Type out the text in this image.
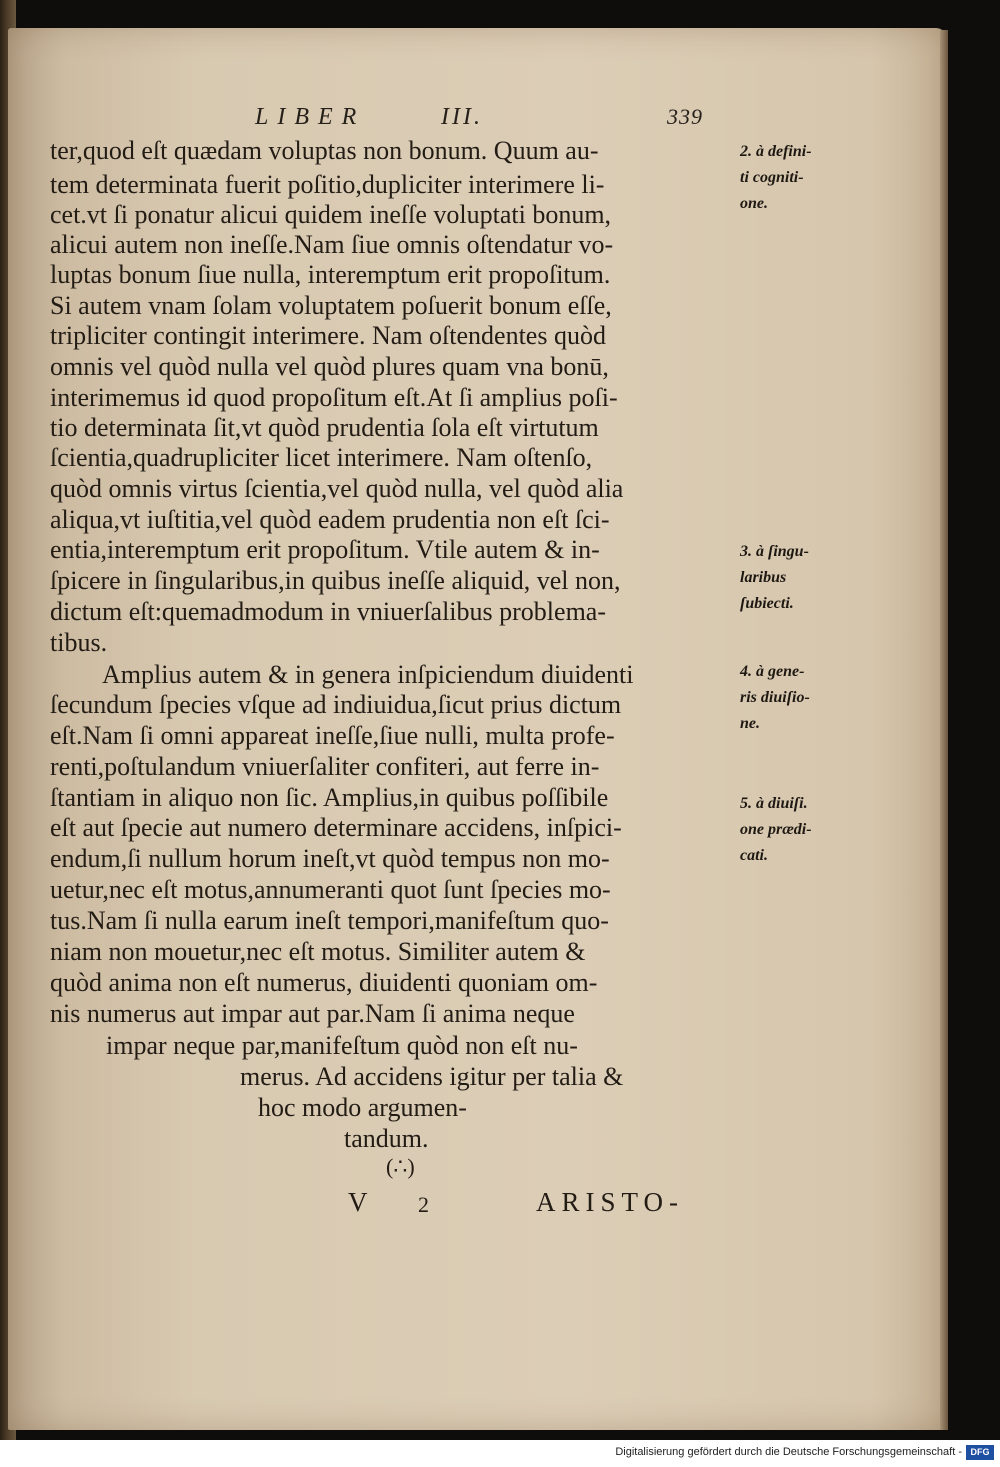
LIBER	III.	339
ter,quod eſt quædam voluptas non bonum. Quum au-
tem determinata fuerit poſitio,dupliciter interimere li-
cet.vt ſi ponatur alicui quidem ineſſe voluptati bonum,
alicui autem non ineſſe.Nam ſiue omnis oſtendatur vo-
luptas bonum ſiue nulla, interemptum erit propoſitum.
Si autem vnam ſolam voluptatem poſuerit bonum eſſe,
tripliciter contingit interimere. Nam oſtendentes quòd
omnis vel quòd nulla vel quòd plures quam vna bonū,
interimemus id quod propoſitum eſt.At ſi amplius poſi-
tio determinata ſit,vt quòd prudentia ſola eſt virtutum
ſcientia,quadrupliciter licet interimere. Nam oſtenſo,
quòd omnis virtus ſcientia,vel quòd nulla, vel quòd alia
aliqua,vt iuſtitia,vel quòd eadem prudentia non eſt ſci-
entia,interemptum erit propoſitum. Vtile autem & in-
ſpicere in ſingularibus,in quibus ineſſe aliquid, vel non,
dictum eſt:quemadmodum in vniuerſalibus problema-
tibus.
Amplius autem & in genera inſpiciendum diuidenti
ſecundum ſpecies vſque ad indiuidua,ſicut prius dictum
eſt.Nam ſi omni appareat ineſſe,ſiue nulli, multa profe-
renti,poſtulandum vniuerſaliter confiteri, aut ferre in-
ſtantiam in aliquo non ſic. Amplius,in quibus poſſibile
eſt aut ſpecie aut numero determinare accidens, inſpici-
endum,ſi nullum horum ineſt,vt quòd tempus non mo-
uetur,nec eſt motus,annumeranti quot ſunt ſpecies mo-
tus.Nam ſi nulla earum ineſt tempori,manifeſtum quo-
niam non mouetur,nec eſt motus. Similiter autem &
quòd anima non eſt numerus, diuidenti quoniam om-
nis numerus aut impar aut par.Nam ſi anima neque
impar neque par,manifeſtum quòd non eſt nu-
merus. Ad accidens igitur per talia &
hoc modo argumen-
tandum.
2. à defini-
ti cogniti-
one.
3. à ſingu-
laribus
ſubiecti.
4. à gene-
ris diuiſio-
ne.
5. à diuiſi.
one prædi-
cati.
(∴)
V 2	ARISTO-
Digitalisierung gefördert durch die Deutsche Forschungsgemeinschaft - DFG
